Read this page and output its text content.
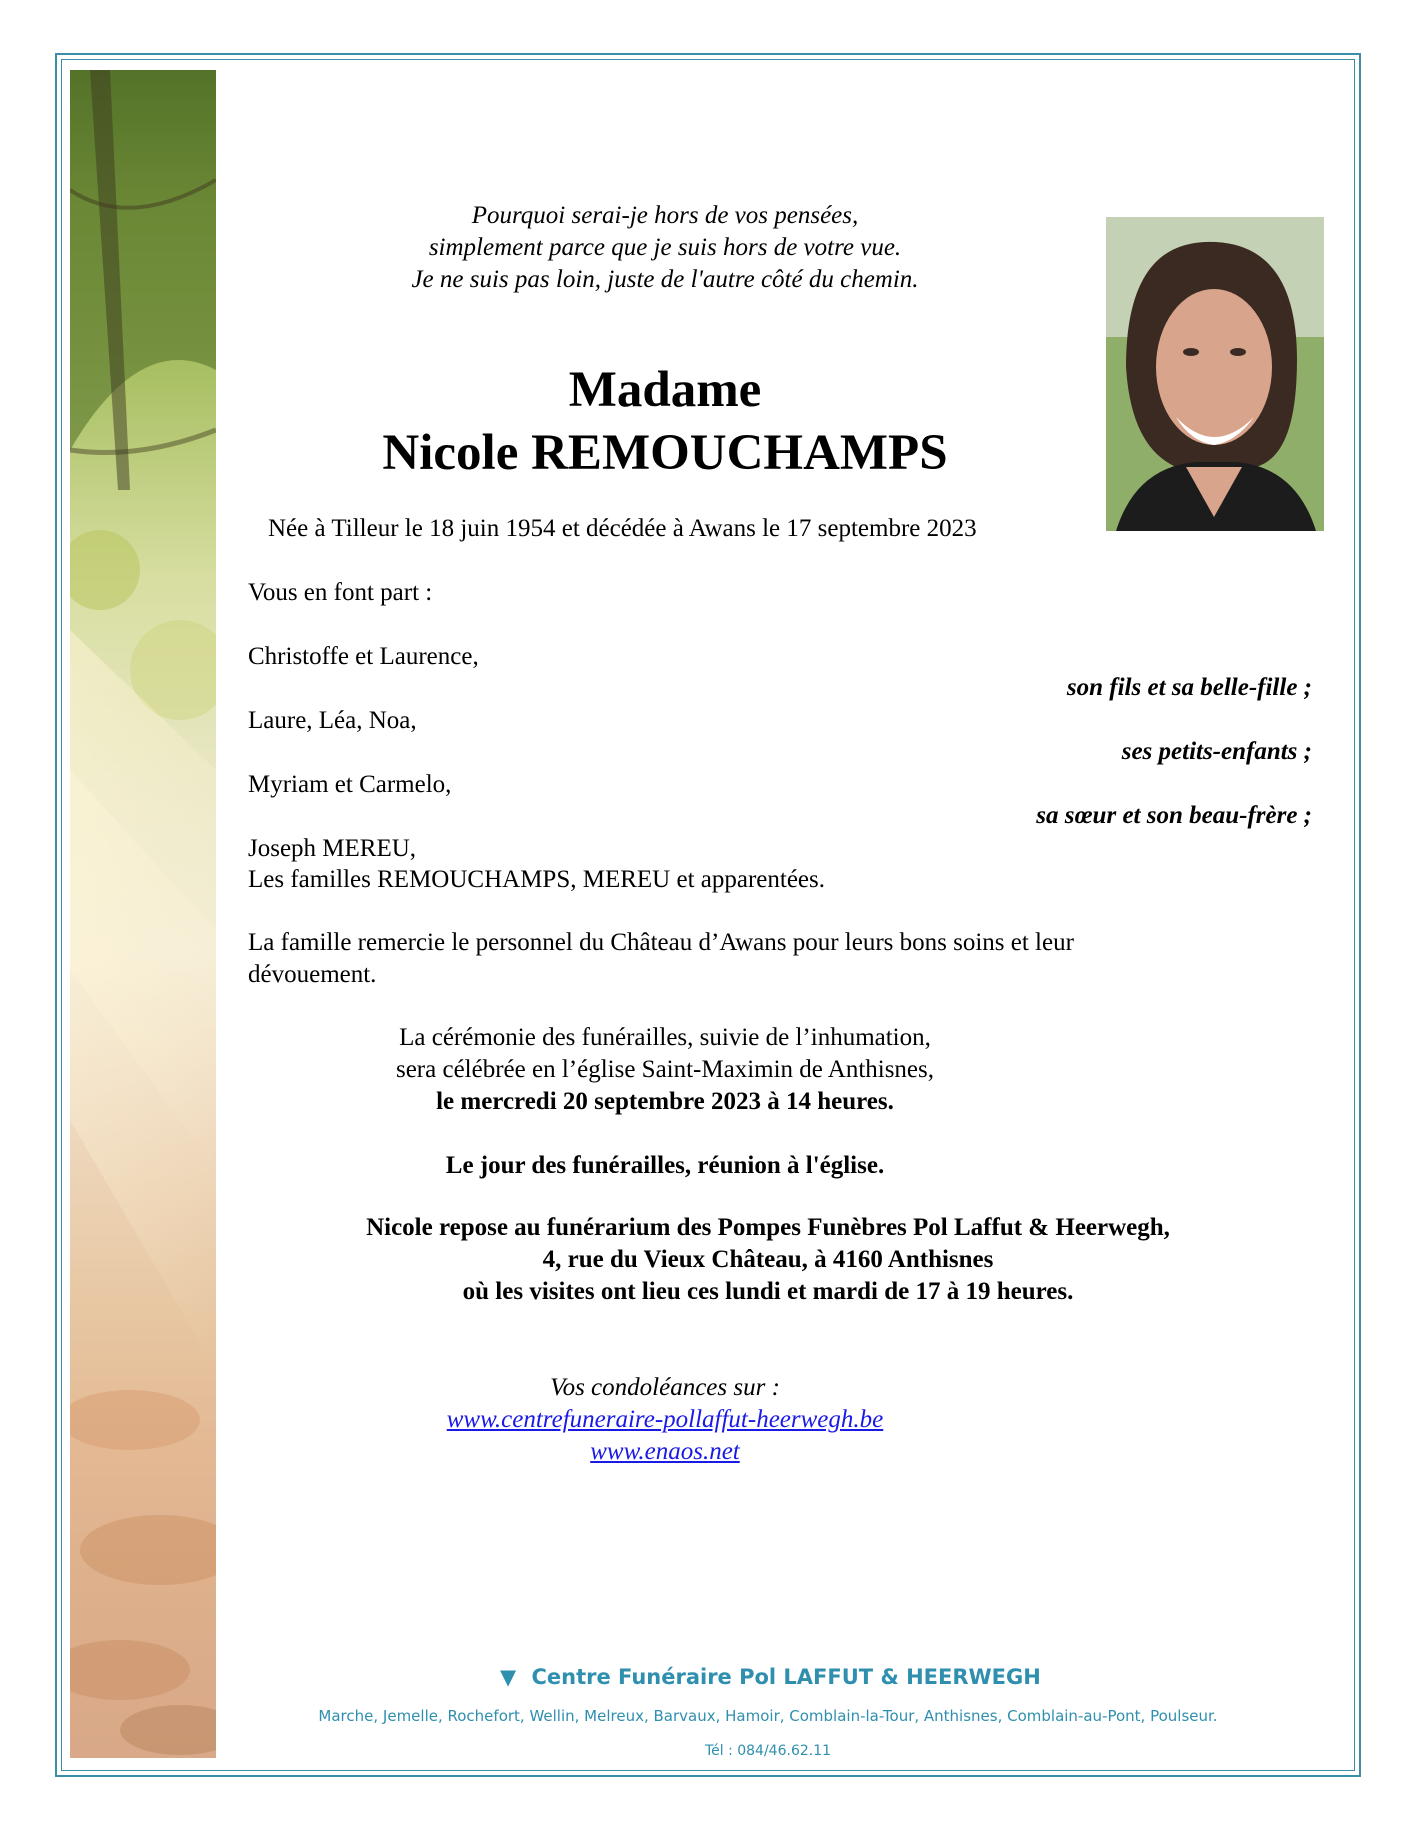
Pourquoi serai-je hors de vos pensées,
simplement parce que je suis hors de votre vue.
Je ne suis pas loin, juste de l'autre côté du chemin.
Madame
Nicole REMOUCHAMPS
Née à Tilleur le 18 juin 1954 et décédée à Awans le 17 septembre 2023
Vous en font part :
Christoffe et Laurence,
son fils et sa belle-fille ;
Laure, Léa, Noa,
ses petits-enfants ;
Myriam et Carmelo,
sa sœur et son beau-frère ;
Joseph MEREU,
Les familles REMOUCHAMPS, MEREU et apparentées.
La famille remercie le personnel du Château d’Awans pour leurs bons soins et leur
dévouement.
La cérémonie des funérailles, suivie de l’inhumation,
sera célébrée en l’église Saint-Maximin de Anthisnes,
le mercredi 20 septembre 2023 à 14 heures.
Le jour des funérailles, réunion à l'église.
Nicole repose au funérarium des Pompes Funèbres Pol Laffut & Heerwegh,
4, rue du Vieux Château, à 4160 Anthisnes
où les visites ont lieu ces lundi et mardi de 17 à 19 heures.
Vos condoléances sur :
www.centrefuneraire-pollaffut-heerwegh.be
www.enaos.net
▼ Centre Funéraire Pol LAFFUT & HEERWEGH
Marche, Jemelle, Rochefort, Wellin, Melreux, Barvaux, Hamoir, Comblain-la-Tour, Anthisnes, Comblain-au-Pont, Poulseur.
Tél : 084/46.62.11
